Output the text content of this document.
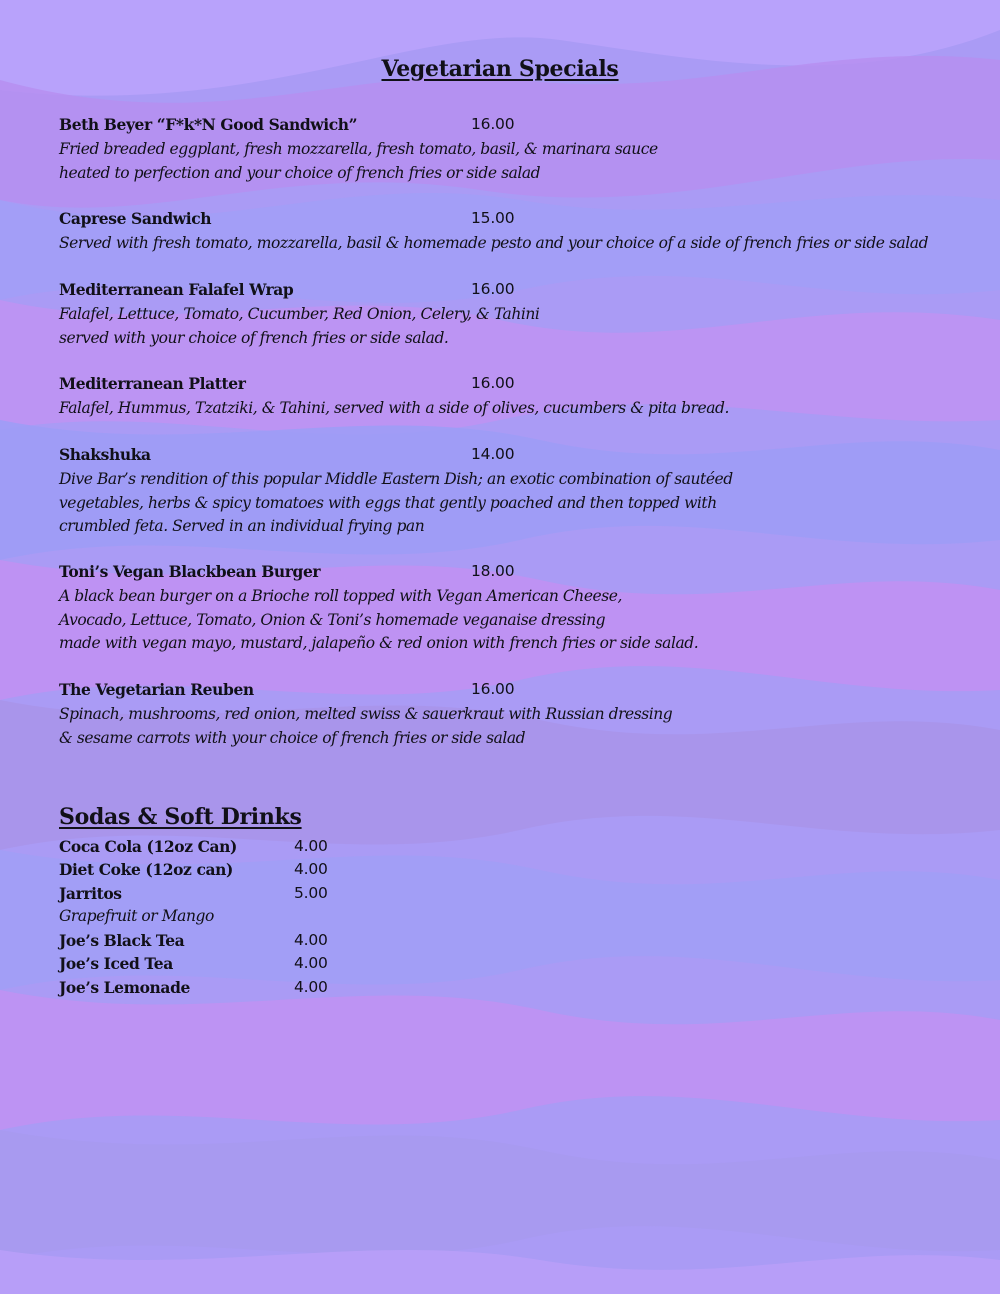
Vegetarian Specials
Beth Beyer “F*k*N Good Sandwich”	16.00
Fried breaded eggplant, fresh mozzarella, fresh tomato, basil, & marinara sauce
heated to perfection and your choice of french fries or side salad
Caprese Sandwich	15.00
Served with fresh tomato, mozzarella, basil & homemade pesto and your choice of a side of french fries or side salad
Mediterranean Falafel Wrap	16.00
Falafel, Lettuce, Tomato, Cucumber, Red Onion, Celery, & Tahini
served with your choice of french fries or side salad.
Mediterranean Platter	16.00
Falafel, Hummus, Tzatziki, & Tahini, served with a side of olives, cucumbers & pita bread.
Shakshuka	14.00
Dive Bar’s rendition of this popular Middle Eastern Dish; an exotic combination of sautéed
vegetables, herbs & spicy tomatoes with eggs that gently poached and then topped with
crumbled feta. Served in an individual frying pan
Toni’s Vegan Blackbean Burger	18.00
A black bean burger on a Brioche roll topped with Vegan American Cheese,
Avocado, Lettuce, Tomato, Onion & Toni’s homemade veganaise dressing
made with vegan mayo, mustard, jalapeño & red onion with french fries or side salad.
The Vegetarian Reuben	16.00
Spinach, mushrooms, red onion, melted swiss & sauerkraut with Russian dressing
& sesame carrots with your choice of french fries or side salad
Sodas & Soft Drinks
Coca Cola (12oz Can)	4.00
Diet Coke (12oz can)	4.00
Jarritos	5.00
Grapefruit or Mango
Joe’s Black Tea	4.00
Joe’s Iced Tea	4.00
Joe’s Lemonade	4.00
